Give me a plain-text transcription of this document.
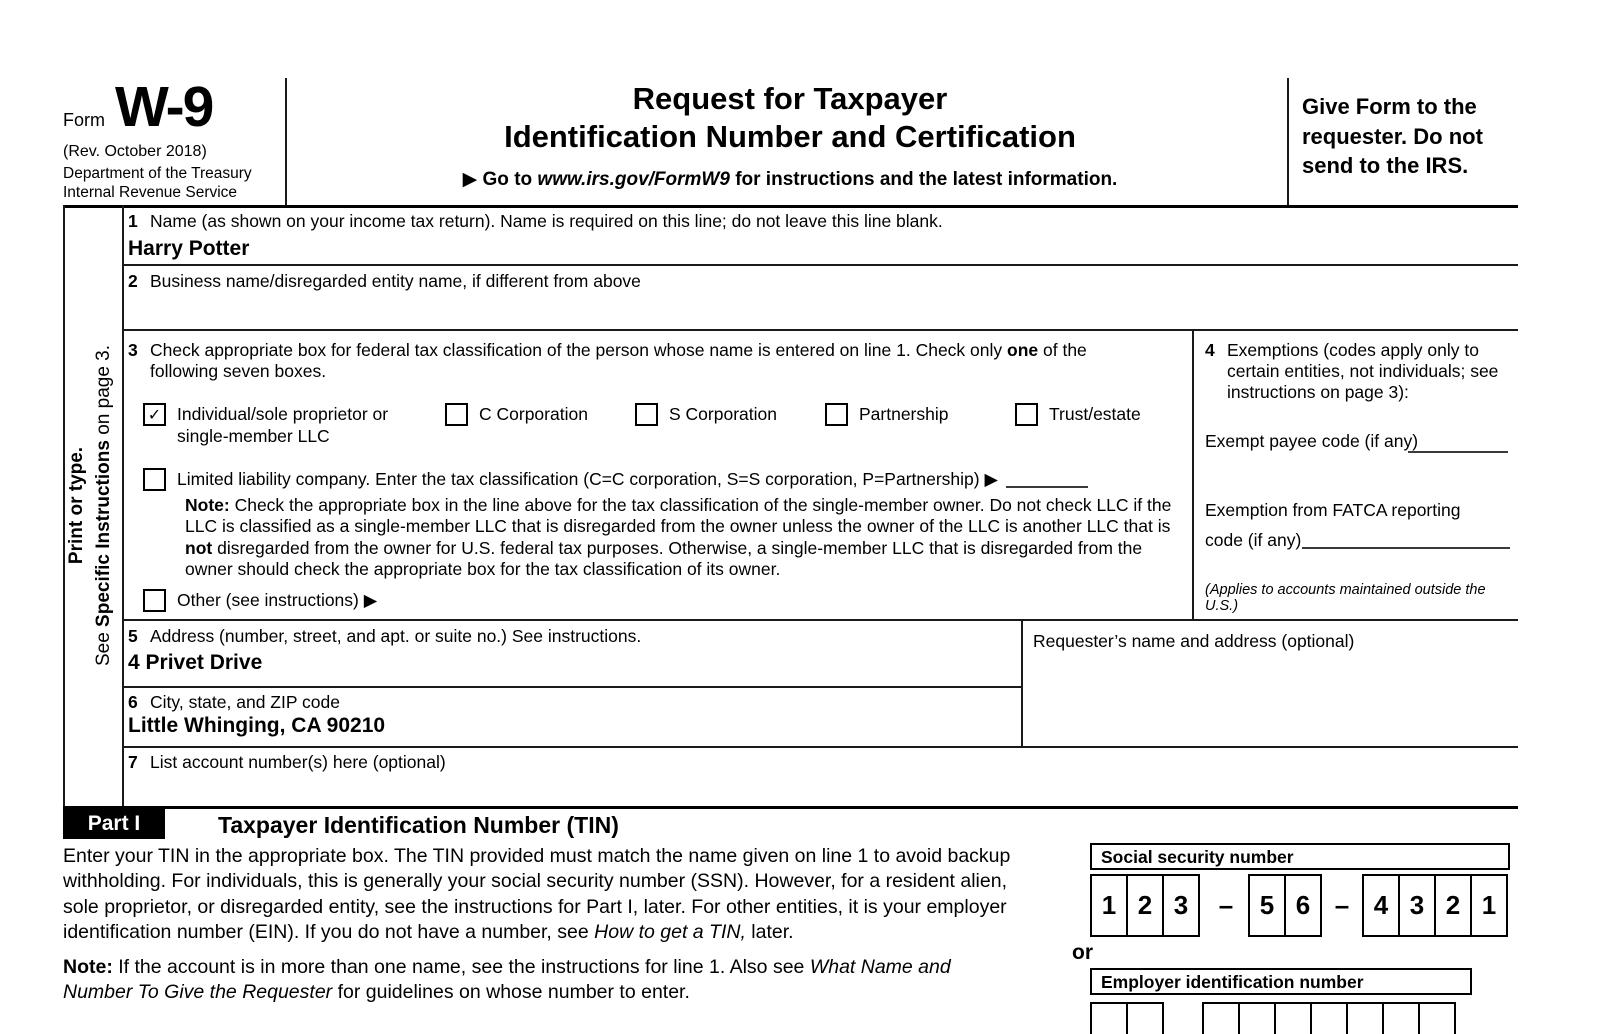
Form W-9
(Rev. October 2018)
Department of the Treasury
Internal Revenue Service
Request for Taxpayer
Identification Number and Certification
▶ Go to www.irs.gov/FormW9 for instructions and the latest information.
Give Form to the requester. Do not send to the IRS.
Print or type.
See Specific Instructions on page 3.
1 Name (as shown on your income tax return). Name is required on this line; do not leave this line blank.
Harry Potter
2 Business name/disregarded entity name, if different from above
3 Check appropriate box for federal tax classification of the person whose name is entered on line 1. Check only one of the following seven boxes.
✓
Individual/sole proprietor or single-member LLC
C Corporation	S Corporation	Partnership	Trust/estate
Limited liability company. Enter the tax classification (C=C corporation, S=S corporation, P=Partnership) ▶
Note: Check the appropriate box in the line above for the tax classification of the single-member owner. Do not check LLC if the LLC is classified as a single-member LLC that is disregarded from the owner unless the owner of the LLC is another LLC that is not disregarded from the owner for U.S. federal tax purposes. Otherwise, a single-member LLC that is disregarded from the owner should check the appropriate box for the tax classification of its owner.
Other (see instructions) ▶
4 Exemptions (codes apply only to certain entities, not individuals; see instructions on page 3):
Exempt payee code (if any)
Exemption from FATCA reporting code (if any)
(Applies to accounts maintained outside the U.S.)
5 Address (number, street, and apt. or suite no.) See instructions.
4 Privet Drive
Requester’s name and address (optional)
6 City, state, and ZIP code
Little Whinging, CA 90210
7 List account number(s) here (optional)
Part I	Taxpayer Identification Number (TIN)
Enter your TIN in the appropriate box. The TIN provided must match the name given on line 1 to avoid backup withholding. For individuals, this is generally your social security number (SSN). However, for a resident alien, sole proprietor, or disregarded entity, see the instructions for Part I, later. For other entities, it is your employer identification number (EIN). If you do not have a number, see How to get a TIN, later.
Note: If the account is in more than one name, see the instructions for line 1. Also see What Name and Number To Give the Requester for guidelines on whose number to enter.
Social security number
1 2 3	–	5 6 – 4 3 2 1
or
Employer identification number
